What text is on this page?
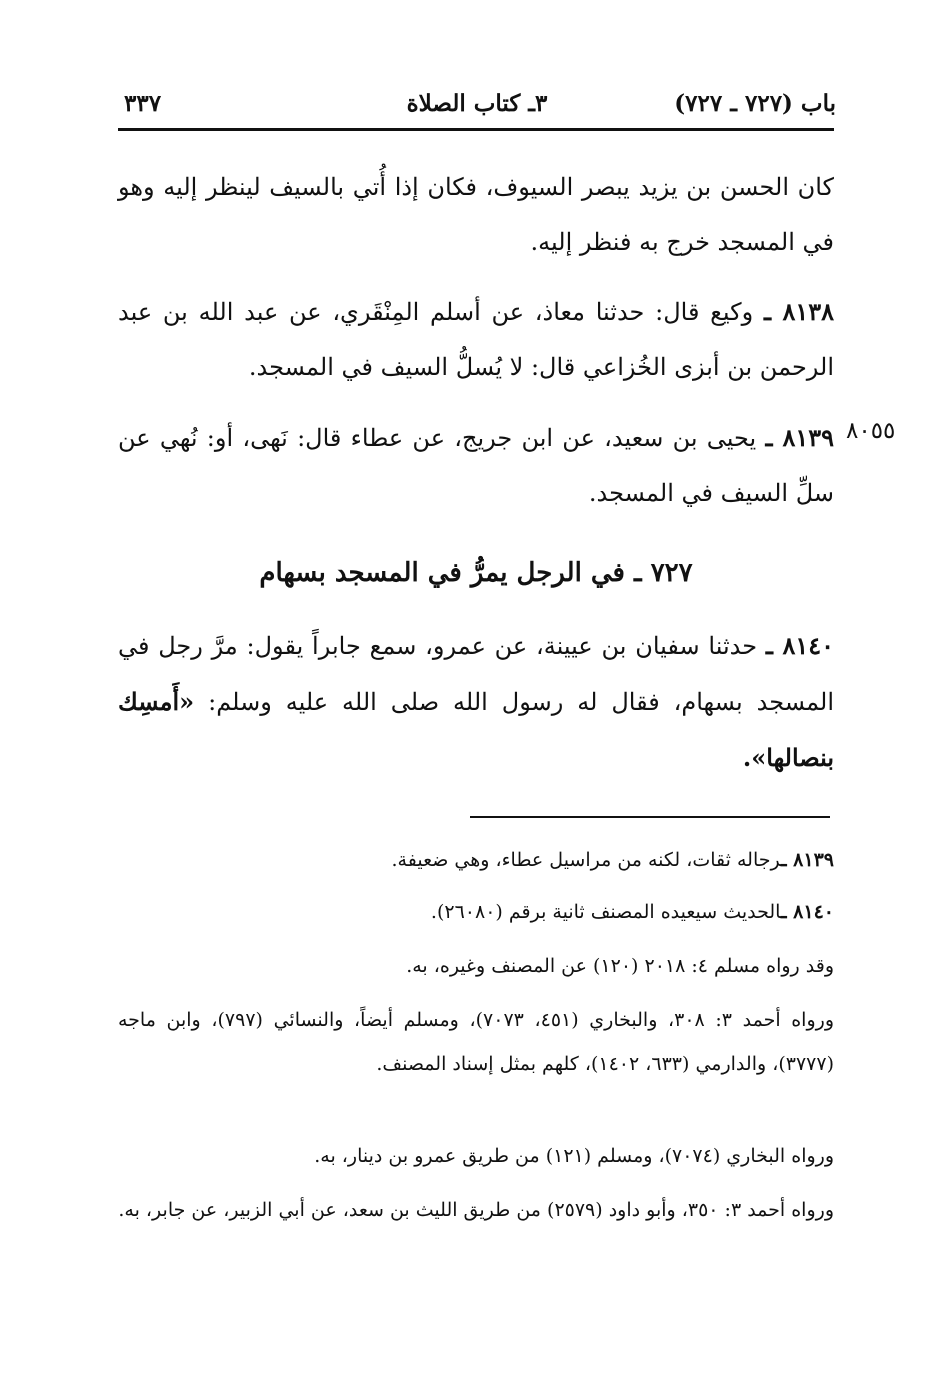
باب (٧٢٧ ـ ٧٢٧)
٣ـ كتاب الصلاة
٣٣٧
كان الحسن بن يزيد يبصر السيوف، فكان إذا أُتي بالسيف لينظر إليه وهو في المسجد خرج به فنظر إليه.
٨١٣٨ ـ وكيع قال: حدثنا معاذ، عن أسلم المِنْقَري، عن عبد الله بن عبد الرحمن بن أبزى الخُزاعي قال: لا يُسلُّ السيف في المسجد.
٨٠٥٥
٨١٣٩ ـ يحيى بن سعيد، عن ابن جريج، عن عطاء قال: نَهى، أو: نُهي عن سلِّ السيف في المسجد.
٧٢٧ ـ في الرجل يمرُّ في المسجد بسهام
٨١٤٠ ـ حدثنا سفيان بن عيينة، عن عمرو، سمع جابراً يقول: مرَّ رجل في المسجد بسهام، فقال له رسول الله صلى الله عليه وسلم: «أَمسِك بنصالها».
٨١٣٩ ـرجاله ثقات، لكنه من مراسيل عطاء، وهي ضعيفة.
٨١٤٠ ـالحديث سيعيده المصنف ثانية برقم (٢٦٠٨٠).
وقد رواه مسلم ٤: ٢٠١٨ (١٢٠) عن المصنف وغيره، به.
ورواه أحمد ٣: ٣٠٨، والبخاري (٤٥١، ٧٠٧٣)، ومسلم أيضاً، والنسائي (٧٩٧)، وابن ماجه (٣٧٧٧)، والدارمي (٦٣٣، ١٤٠٢)، كلهم بمثل إسناد المصنف.
ورواه البخاري (٧٠٧٤)، ومسلم (١٢١) من طريق عمرو بن دينار، به.
ورواه أحمد ٣: ٣٥٠، وأبو داود (٢٥٧٩) من طريق الليث بن سعد، عن أبي الزبير، عن جابر، به.
